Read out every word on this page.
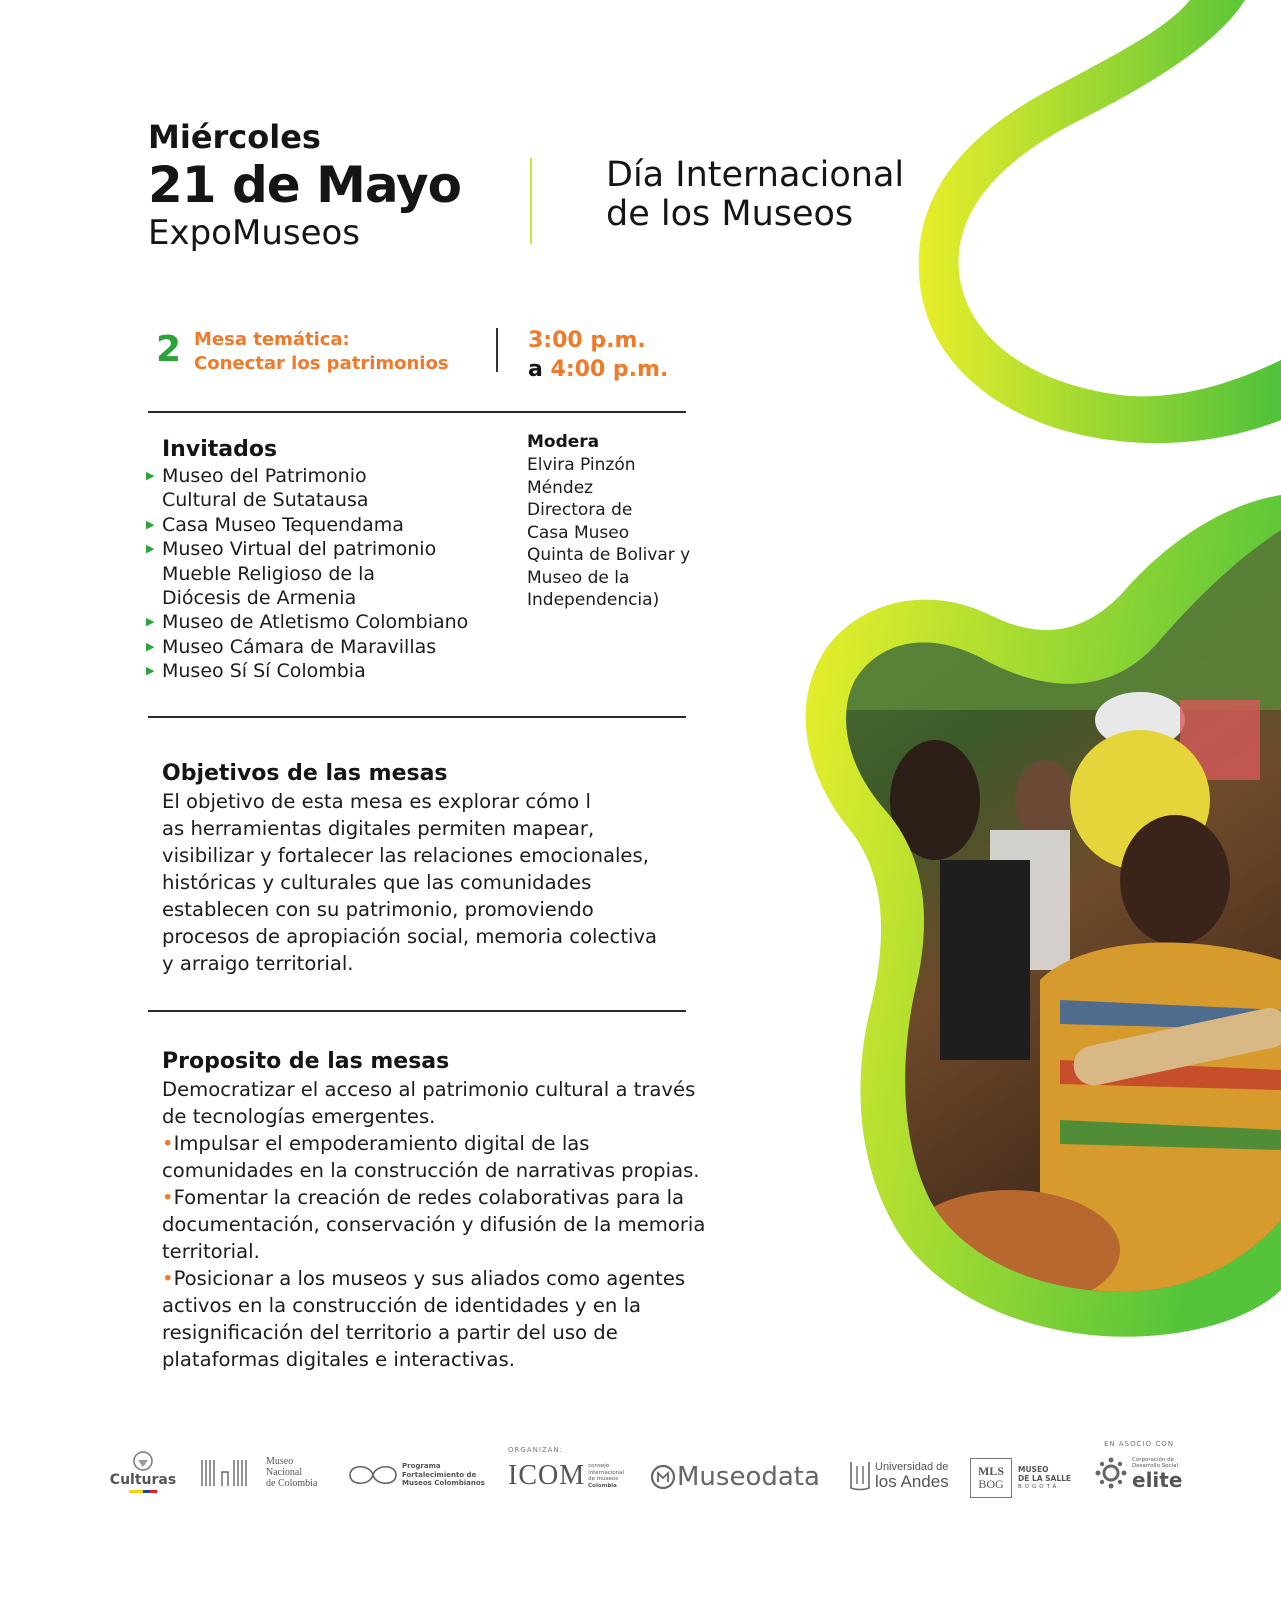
Miércoles
21 de Mayo
ExpoMuseos
Día Internacional
de los Museos
2 Mesa temática:
Conectar los patrimonios
3:00 p.m.
a 4:00 p.m.
Invitados
▶ Museo del Patrimonio
Cultural de Sutatausa
▶ Casa Museo Tequendama
▶ Museo Virtual del patrimonio
Mueble Religioso de la
Diócesis de Armenia
▶ Museo de Atletismo Colombiano
▶ Museo Cámara de Maravillas
▶ Museo Sí Sí Colombia
Modera
Elvira Pinzón
Méndez
Directora de
Casa Museo
Quinta de Bolivar y
Museo de la
Independencia)
Objetivos de las mesas
El objetivo de esta mesa es explorar cómo l
as herramientas digitales permiten mapear,
visibilizar y fortalecer las relaciones emocionales,
históricas y culturales que las comunidades
establecen con su patrimonio, promoviendo
procesos de apropiación social, memoria colectiva
y arraigo territorial.
Proposito de las mesas
Democratizar el acceso al patrimonio cultural a través
de tecnologías emergentes.
•Impulsar el empoderamiento digital de las
comunidades en la construcción de narrativas propias.
•Fomentar la creación de redes colaborativas para la
documentación, conservación y difusión de la memoria
territorial.
•Posicionar a los museos y sus aliados como agentes
activos en la construcción de identidades y en la
resignificación del territorio a partir del uso de
plataformas digitales e interactivas.
Culturas
Museo
Nacional
de Colombia
Programa
Fortalecimiento de
Museos Colombianos
ORGANIZAN:
ICOM consejo
internacional
de museos
Colombia Museodata	Universidad de
los Andes
MLS
BOG
MUSEO
DE LA SALLE
BOGOTÁ
EN ASOCIO CON
Corporación de
Desarrollo Social
elite
